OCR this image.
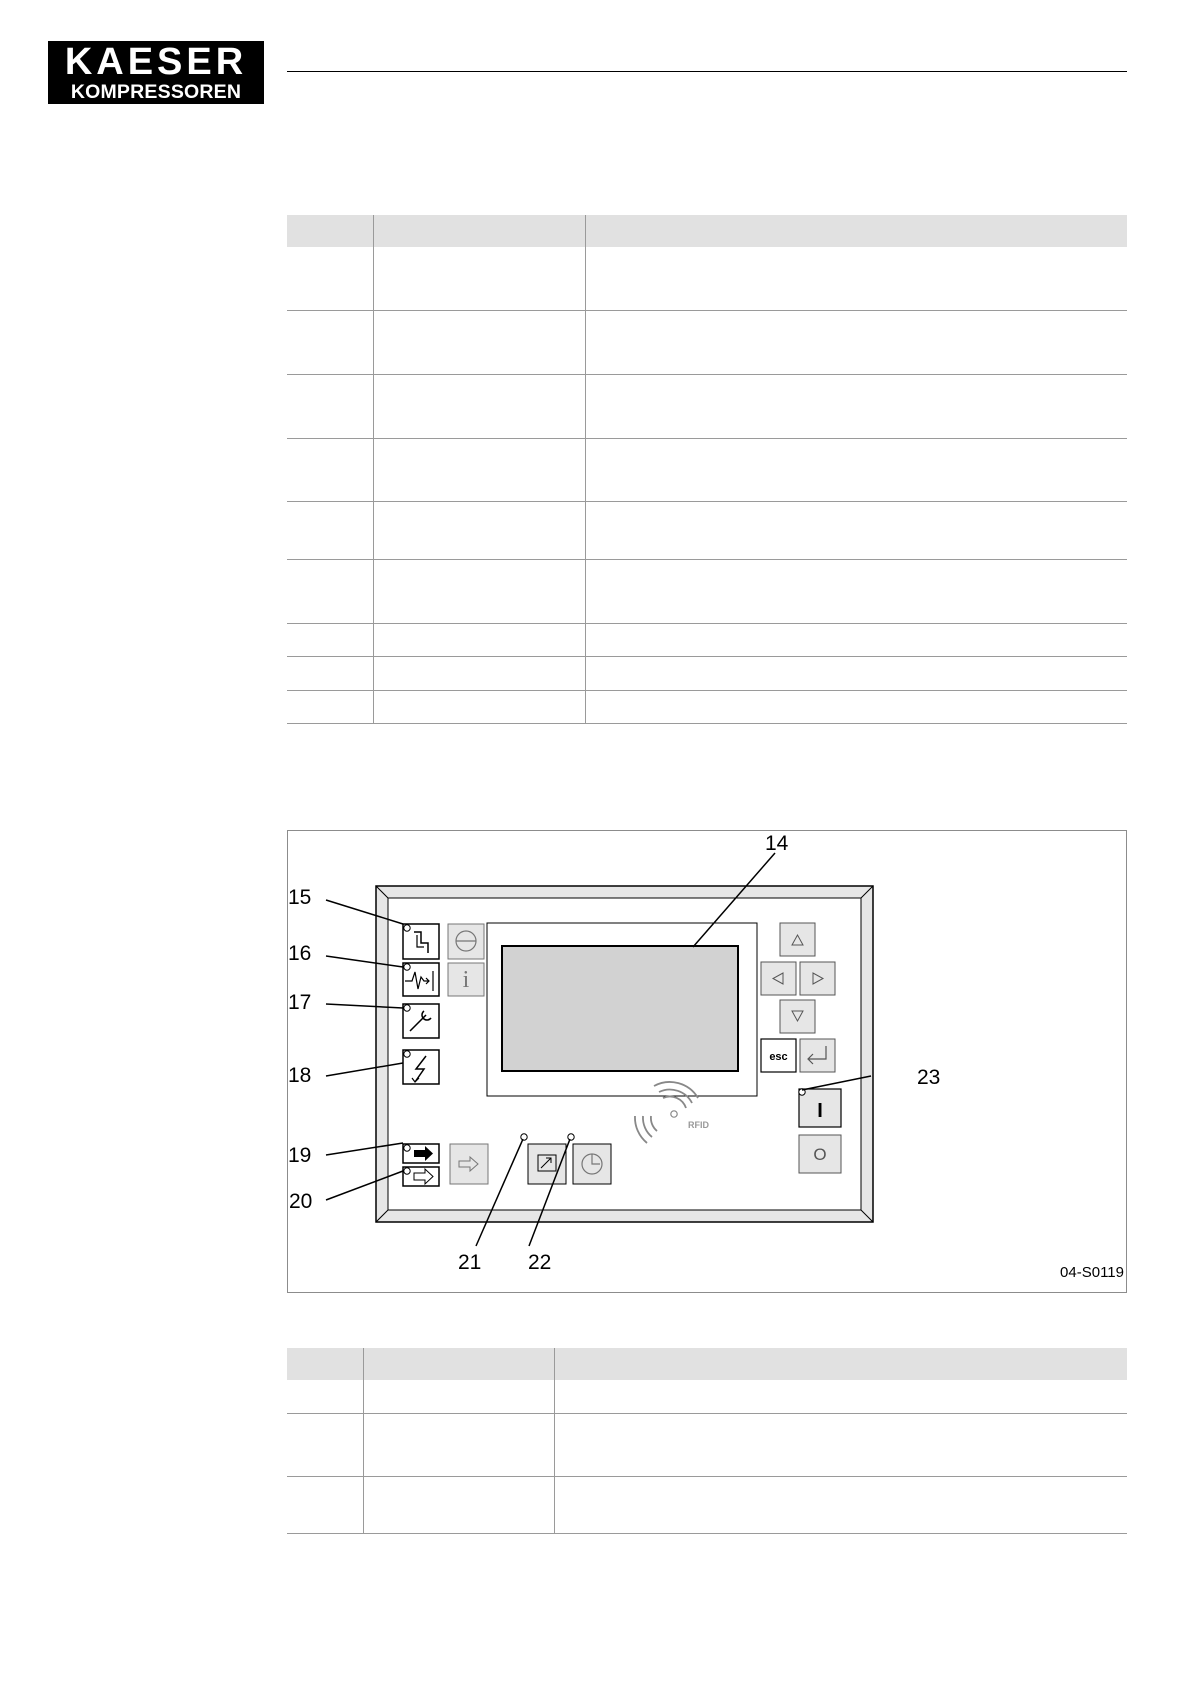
KAESER
KOMPRESSOREN

i
esc
I
O
RFID
14
15
16
17
18
19
20
21 22
23
04-S0119
